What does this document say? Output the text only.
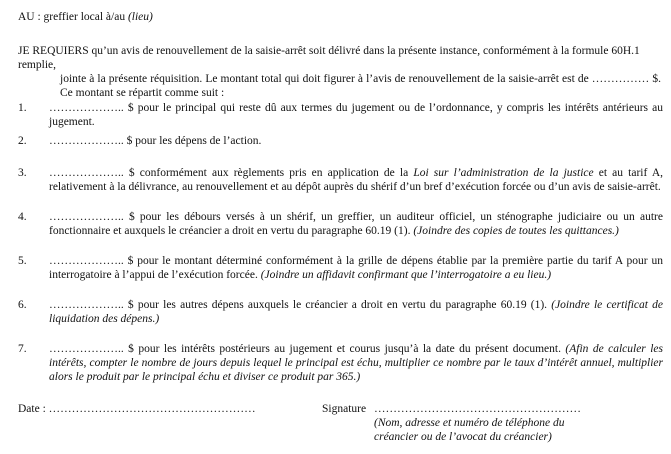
AU : greffier local à/au (lieu)
JE REQUIERS qu’un avis de renouvellement de la saisie-arrêt soit délivré dans la présente instance, conformément à la formule 60H.1 remplie,
jointe à la présente réquisition. Le montant total qui doit figurer à l’avis de renouvellement de la saisie-arrêt est de …………… $. Ce montant se répartit comme suit :
1. ……………….. $ pour le principal qui reste dû aux termes du jugement ou de l’ordonnance, y compris les intérêts antérieurs au jugement.
2. ……………….. $ pour les dépens de l’action.
3. ……………….. $ conformément aux règlements pris en application de la Loi sur l’administration de la justice et au tarif A, relativement à la délivrance, au renouvellement et au dépôt auprès du shérif d’un bref d’exécution forcée ou d’un avis de saisie-arrêt.
4. ……………….. $ pour les débours versés à un shérif, un greffier, un auditeur officiel, un sténographe judiciaire ou un autre fonctionnaire et auxquels le créancier a droit en vertu du paragraphe 60.19 (1). (Joindre des copies de toutes les quittances.)
5. ……………….. $ pour le montant déterminé conformément à la grille de dépens établie par la première partie du tarif A pour un interrogatoire à l’appui de l’exécution forcée. (Joindre un affidavit confirmant que l’interrogatoire a eu lieu.)
6. ……………….. $ pour les autres dépens auxquels le créancier a droit en vertu du paragraphe 60.19 (1). (Joindre le certificat de liquidation des dépens.)
7. ……………….. $ pour les intérêts postérieurs au jugement et courus jusqu’à la date du présent document. (Afin de calculer les intérêts, compter le nombre de jours depuis lequel le principal est échu, multiplier ce nombre par le taux d’intérêt annuel, multiplier alors le produit par le principal échu et diviser ce produit par 365.)
Date : ………………………………………………	Signature ………………………………………………
(Nom, adresse et numéro de téléphone du créancier ou de l’avocat du créancier)
